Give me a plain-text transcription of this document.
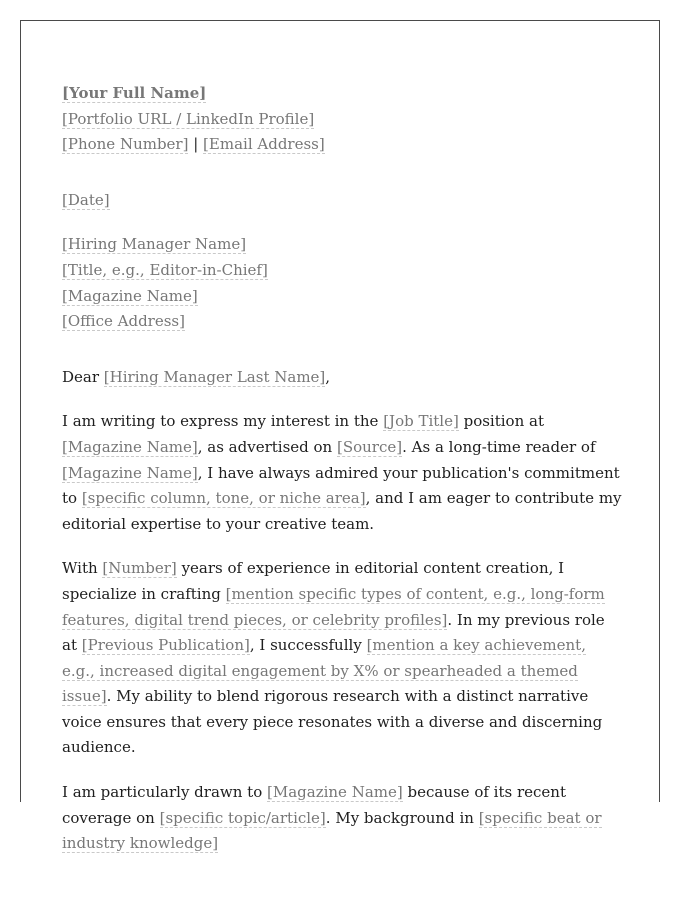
[Your Full Name]
[Portfolio URL / LinkedIn Profile]
[Phone Number] | [Email Address]
[Date]
[Hiring Manager Name]
[Title, e.g., Editor-in-Chief]
[Magazine Name]
[Office Address]

Dear [Hiring Manager Last Name],

I am writing to express my interest in the [Job Title] position at [Magazine Name], as advertised on [Source]. As a long-time reader of [Magazine Name], I have always admired your publication's commitment to [specific column, tone, or niche area], and I am eager to contribute my editorial expertise to your creative team.

With [Number] years of experience in editorial content creation, I specialize in crafting [mention specific types of content, e.g., long-form features, digital trend pieces, or celebrity profiles]. In my previous role at [Previous Publication], I successfully [mention a key achievement, e.g., increased digital engagement by X% or spearheaded a themed issue]. My ability to blend rigorous research with a distinct narrative voice ensures that every piece resonates with a diverse and discerning audience.

I am particularly drawn to [Magazine Name] because of its recent coverage on [specific topic/article]. My background in [specific beat or industry knowledge]
